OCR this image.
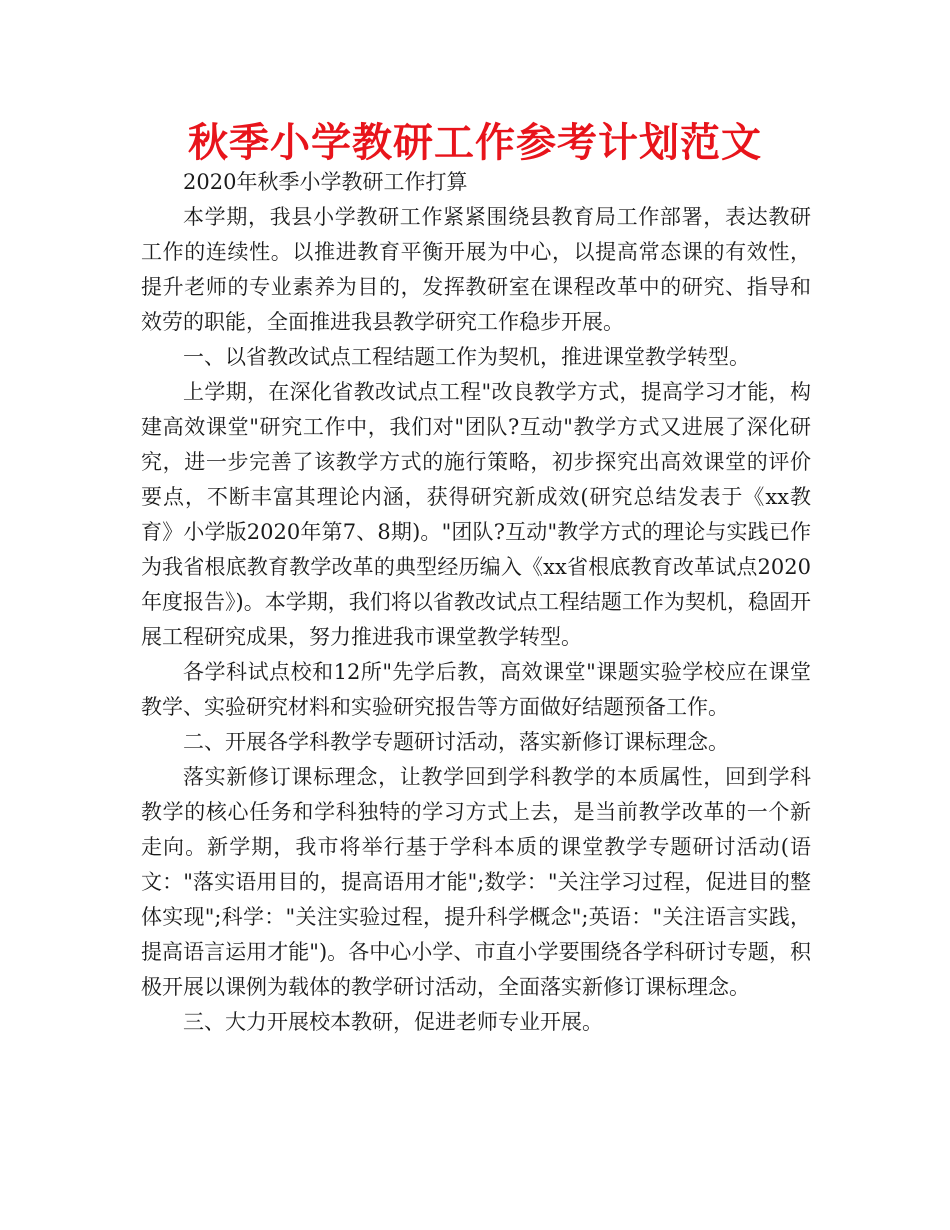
秋季小学教研工作参考计划范文

2020年秋季小学教研工作打算

本学期，我县小学教研工作紧紧围绕县教育局工作部署，表达教研工作的连续性。以推进教育平衡开展为中心，以提高常态课的有效性，提升老师的专业素养为目的，发挥教研室在课程改革中的研究、指导和效劳的职能，全面推进我县教学研究工作稳步开展。

一、以省教改试点工程结题工作为契机，推进课堂教学转型。

上学期，在深化省教改试点工程"改良教学方式，提高学习才能，构建高效课堂"研究工作中，我们对"团队?互动"教学方式又进展了深化研究，进一步完善了该教学方式的施行策略，初步探究出高效课堂的评价要点，不断丰富其理论内涵，获得研究新成效(研究总结发表于《xx教育》小学版2020年第7、8期)。"团队?互动"教学方式的理论与实践已作为我省根底教育教学改革的典型经历编入《xx省根底教育改革试点2020年度报告》)。本学期，我们将以省教改试点工程结题工作为契机，稳固开展工程研究成果，努力推进我市课堂教学转型。

各学科试点校和12所"先学后教，高效课堂"课题实验学校应在课堂教学、实验研究材料和实验研究报告等方面做好结题预备工作。

二、开展各学科教学专题研讨活动，落实新修订课标理念。

落实新修订课标理念，让教学回到学科教学的本质属性，回到学科教学的核心任务和学科独特的学习方式上去，是当前教学改革的一个新走向。新学期，我市将举行基于学科本质的课堂教学专题研讨活动(语文："落实语用目的，提高语用才能";数学："关注学习过程，促进目的整体实现";科学："关注实验过程，提升科学概念";英语："关注语言实践，提高语言运用才能")。各中心小学、市直小学要围绕各学科研讨专题，积极开展以课例为载体的教学研讨活动，全面落实新修订课标理念。

三、大力开展校本教研，促进老师专业开展。
